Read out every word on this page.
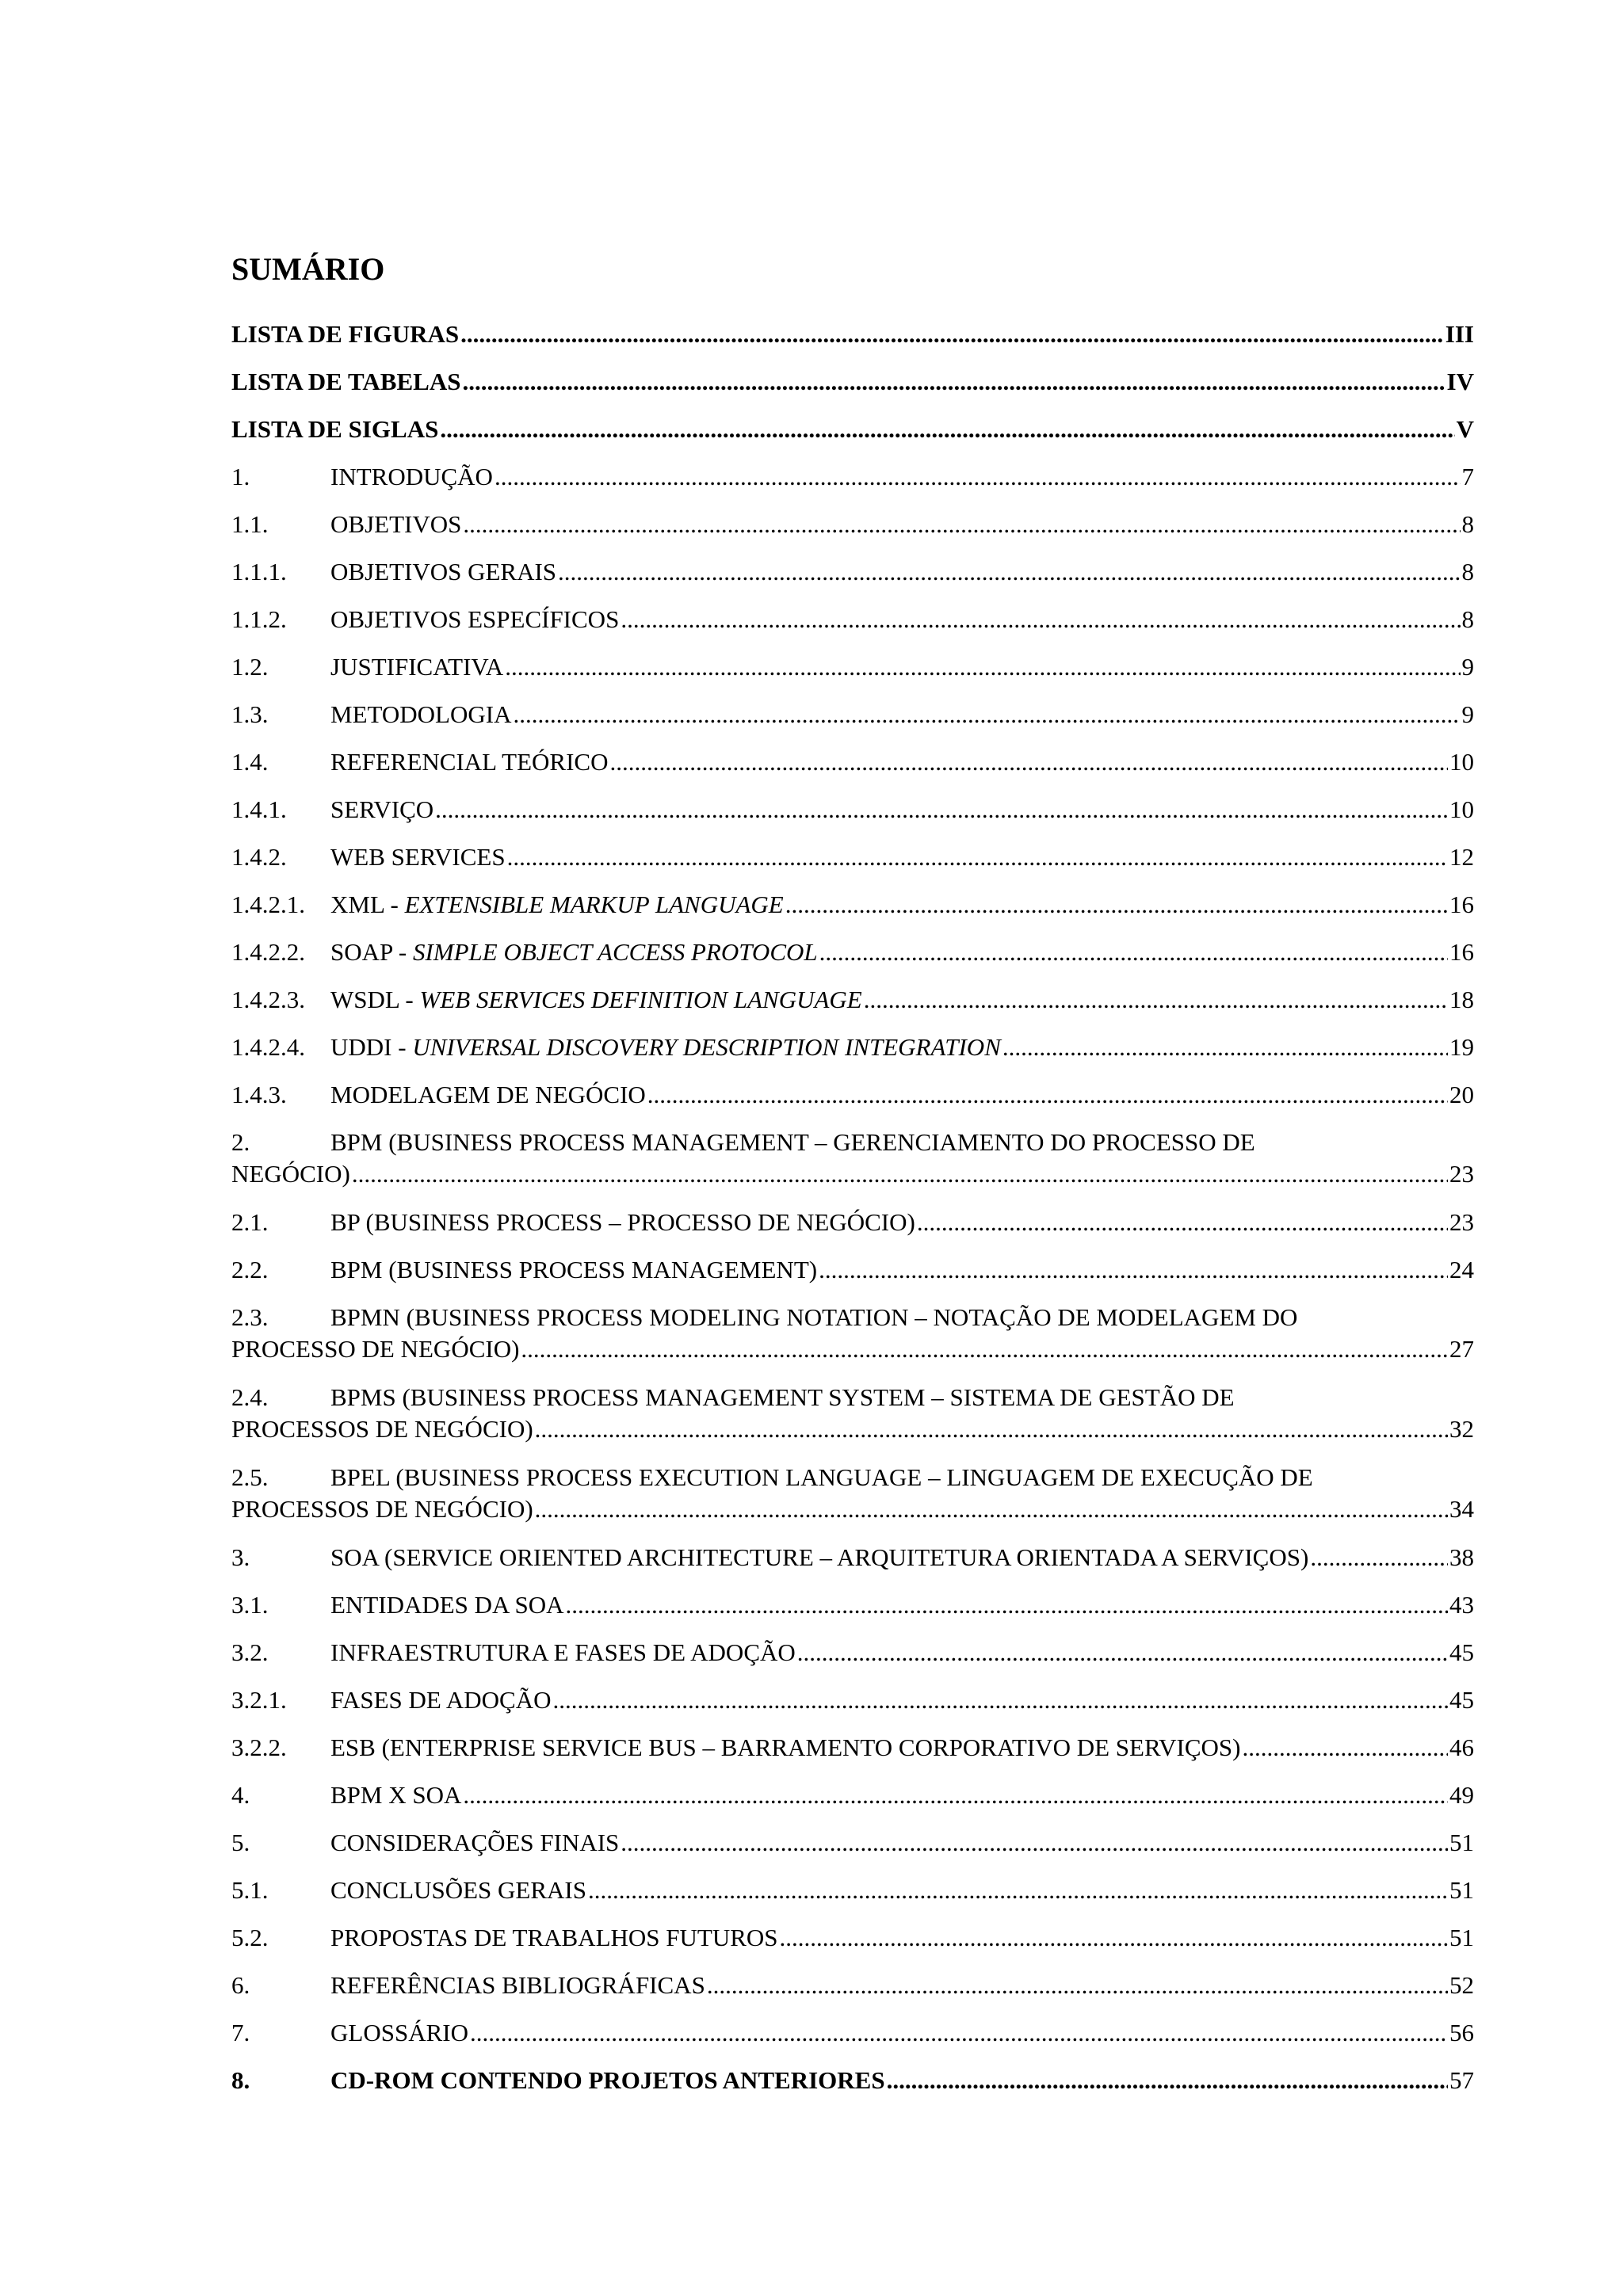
SUMÁRIO
LISTA DE FIGURAS .....	III
LISTA DE TABELAS .....	IV
LISTA DE SIGLAS .....	V
1.	INTRODUÇÃO .....	7
1.1.	OBJETIVOS .....	8
1.1.1.	OBJETIVOS GERAIS .....	8
1.1.2.	OBJETIVOS ESPECÍFICOS .....	8
1.2.	JUSTIFICATIVA .....	9
1.3.	METODOLOGIA .....	9
1.4.	REFERENCIAL TEÓRICO .....	10
1.4.1.	SERVIÇO .....	10
1.4.2.	WEB SERVICES .....	12
1.4.2.1.	XML - EXTENSIBLE MARKUP LANGUAGE .....	16
1.4.2.2.	SOAP - SIMPLE OBJECT ACCESS PROTOCOL .....	16
1.4.2.3.	WSDL - WEB SERVICES DEFINITION LANGUAGE .....	18
1.4.2.4.	UDDI - UNIVERSAL DISCOVERY DESCRIPTION INTEGRATION .....	19
1.4.3.	MODELAGEM DE NEGÓCIO .....	20
2.	BPM (BUSINESS PROCESS MANAGEMENT – GERENCIAMENTO DO PROCESSO DE
NEGÓCIO) .....	23
2.1.	BP (BUSINESS PROCESS – PROCESSO DE NEGÓCIO) .....	23
2.2.	BPM (BUSINESS PROCESS MANAGEMENT) .....	24
2.3.	BPMN (BUSINESS PROCESS MODELING NOTATION – NOTAÇÃO DE MODELAGEM DO
PROCESSO DE NEGÓCIO) .....	27
2.4.	BPMS (BUSINESS PROCESS MANAGEMENT SYSTEM – SISTEMA DE GESTÃO DE
PROCESSOS DE NEGÓCIO) .....	32
2.5.	BPEL (BUSINESS PROCESS EXECUTION LANGUAGE – LINGUAGEM DE EXECUÇÃO DE
PROCESSOS DE NEGÓCIO) .....	34
3.	SOA (SERVICE ORIENTED ARCHITECTURE – ARQUITETURA ORIENTADA A SERVIÇOS) .....	38
3.1.	ENTIDADES DA SOA .....	43
3.2.	INFRAESTRUTURA E FASES DE ADOÇÃO .....	45
3.2.1.	FASES DE ADOÇÃO .....	45
3.2.2.	ESB (ENTERPRISE SERVICE BUS – BARRAMENTO CORPORATIVO DE SERVIÇOS) .....	46
4.	BPM X SOA .....	49
5.	CONSIDERAÇÕES FINAIS .....	51
5.1.	CONCLUSÕES GERAIS .....	51
5.2.	PROPOSTAS DE TRABALHOS FUTUROS .....	51
6.	REFERÊNCIAS BIBLIOGRÁFICAS .....	52
7.	GLOSSÁRIO .....	56
8.	CD-ROM CONTENDO PROJETOS ANTERIORES .....	57
